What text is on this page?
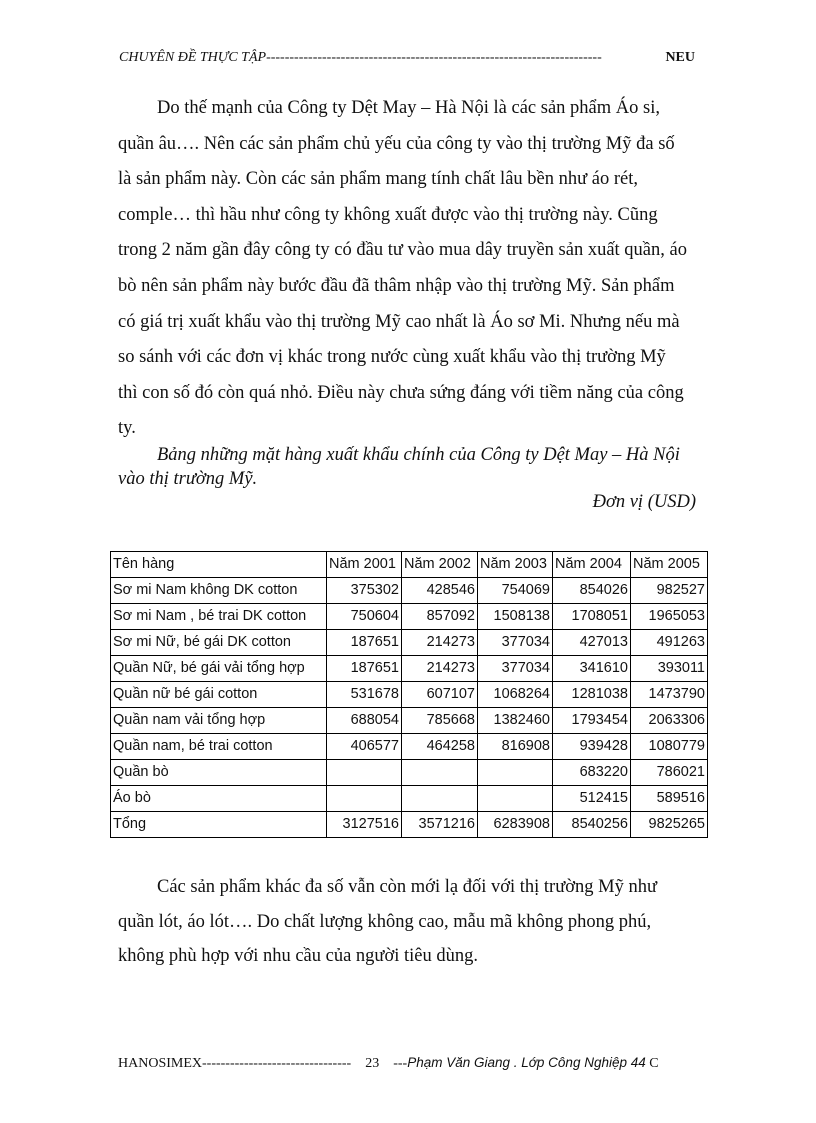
CHUYÊN ĐỀ THỰC TẬP------------------------------------------------------------------------	NEU
Do thế mạnh của Công ty Dệt May – Hà Nội là các sản phẩm Áo si,
quần âu…. Nên các sản phẩm chủ yếu của công ty vào thị trường Mỹ đa số
là sản phẩm này. Còn các sản phẩm mang tính chất lâu bền như áo rét,
comple… thì hầu như công ty không xuất được vào thị trường này. Cũng
trong 2 năm gần đây công ty có đầu tư vào mua dây truyền sản xuất quần, áo
bò nên sản phẩm này bước đầu đã thâm nhập vào thị trường Mỹ. Sản phẩm
có giá trị xuất khẩu vào thị trường Mỹ cao nhất là Áo sơ Mi. Nhưng nếu mà
so sánh với các đơn vị khác trong nước cùng xuất khẩu vào thị trường Mỹ
thì con số đó còn quá nhỏ. Điều này chưa sứng đáng với tiềm năng của công
ty.
Bảng những mặt hàng xuất khẩu chính của Công ty Dệt May – Hà Nội
vào thị trường Mỹ.
Đơn vị (USD)
Tên hàng	Năm 2001	Năm 2002	Năm 2003	Năm 2004	Năm 2005
Sơ mi Nam không DK cotton	375302	428546	754069	854026	982527
Sơ mi Nam , bé trai DK cotton	750604	857092	1508138	1708051	1965053
Sơ mi Nữ, bé gái DK cotton	187651	214273	377034	427013	491263
Quần Nữ, bé gái vải tổng hợp	187651	214273	377034	341610	393011
Quần nữ bé gái cotton	531678	607107	1068264	1281038	1473790
Quần nam vải tổng hợp	688054	785668	1382460	1793454	2063306
Quần nam, bé trai cotton	406577	464258	816908	939428	1080779
Quần bò				683220	786021
Áo bò				512415	589516
Tổng	3127516	3571216	6283908	8540256	9825265
Các sản phẩm khác đa số vẫn còn mới lạ đối với thị trường Mỹ như
quần lót, áo lót…. Do chất lượng không cao, mẫu mã không phong phú,
không phù hợp với nhu cầu của người tiêu dùng.
HANOSIMEX-------------------------------- 23 ---Phạm Văn Giang . Lớp Công Nghiệp 44 C
